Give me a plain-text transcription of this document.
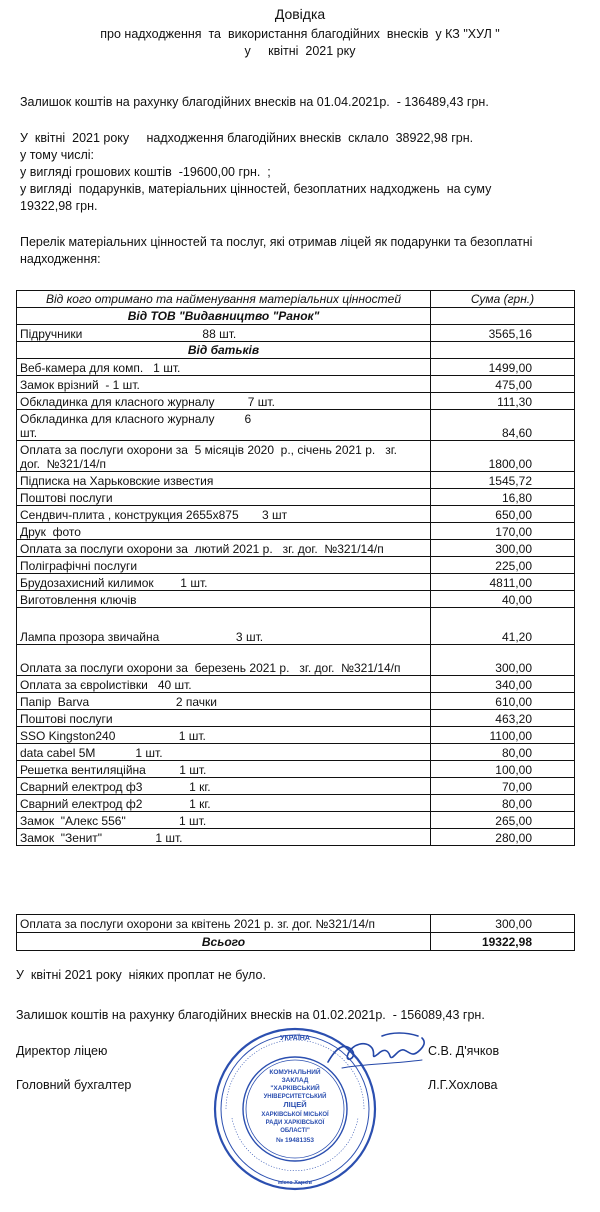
Довідка
про надходження  та  використання благодійних  внесків  у КЗ "ХУЛ "
у     квітні  2021 рку
Залишок коштів на рахунку благодійних внесків на 01.04.2021р.  - 136489,43 грн.
У  квітні  2021 року     надходження благодійних внесків  склало  38922,98 грн.
у тому числі:
у вигляді грошових коштів  -19600,00 грн.  ;
у вигляді  подарунків, матеріальних цінностей, безоплатних надходжень  на суму
19322,98 грн.
Перелік матеріальних цінностей та послуг, які отримав ліцей як подарунки та безоплатні
надходження:
Від кого отримано та найменування матеріальних цінностей	Сума (грн.)
Від ТОВ "Видавництво "Ранок"	
Підручники                                    88 шт.	3565,16
Від батьків	
Веб-камера для комп.   1 шт.	1499,00
Замок врізний  - 1 шт.	475,00
Обкладинка для класного журналу          7 шт.	111,30
Обкладинка для класного журналу         6
шт.	84,60
Оплата за послуги охорони за  5 місяців 2020  р., січень 2021 р.   зг.
дог.  №321/14/п	1800,00
Підписка на Харьковские известия	1545,72
Поштові послуги	16,80
Сендвич-плита , конструкция 2655х875       3 шт	650,00
Друк  фото	170,00
Оплата за послуги охорони за  лютий 2021 р.   зг. дог.  №321/14/п	300,00
Поліграфічні послуги	225,00
Брудозахисний килимок        1 шт.	4811,00
Виготовлення ключів	40,00

Лампа прозора звичайна                       3 шт.	41,20
Оплата за послуги охорони за  березень 2021 р.   зг. дог.  №321/14/п	300,00
Оплата за єврolистівки   40 шт.	340,00
Папір  Barva                          2 пачки	610,00
Поштові послуги	463,20
SSO Kingston240                   1 шт.	1100,00
data cabel 5M            1 шт.	80,00
Решетка вентиляційна          1 шт.	100,00
Сварний електрод ф3              1 кг.	70,00
Сварний електрод ф2              1 кг.	80,00
Замок  "Алекс 556"                1 шт.	265,00
Замок  "Зенит"                1 шт.	280,00
Оплата за послуги охорони за квітень 2021 р. зг. дог. №321/14/п	300,00
Всього	19322,98
У  квітні 2021 року  ніяких проплат не було.
Залишок коштів на рахунку благодійних внесків на 01.02.2021р.  - 156089,43 грн.
Директор ліцею	С.В. Д'ячков
Головний бухгалтер	Л.Г.Хохлова
УКРАЇНА
КОМУНАЛЬНИЙ
ЗАКЛАД
"ХАРКІВСЬКИЙ
УНІВЕРСИТЕТСЬКИЙ
ЛІЦЕЙ
ХАРКІВСЬКОЇ МІСЬКОЇ
РАДИ ХАРКІВСЬКОЇ
ОБЛАСТІ"
№ 19481353
місто Харків
